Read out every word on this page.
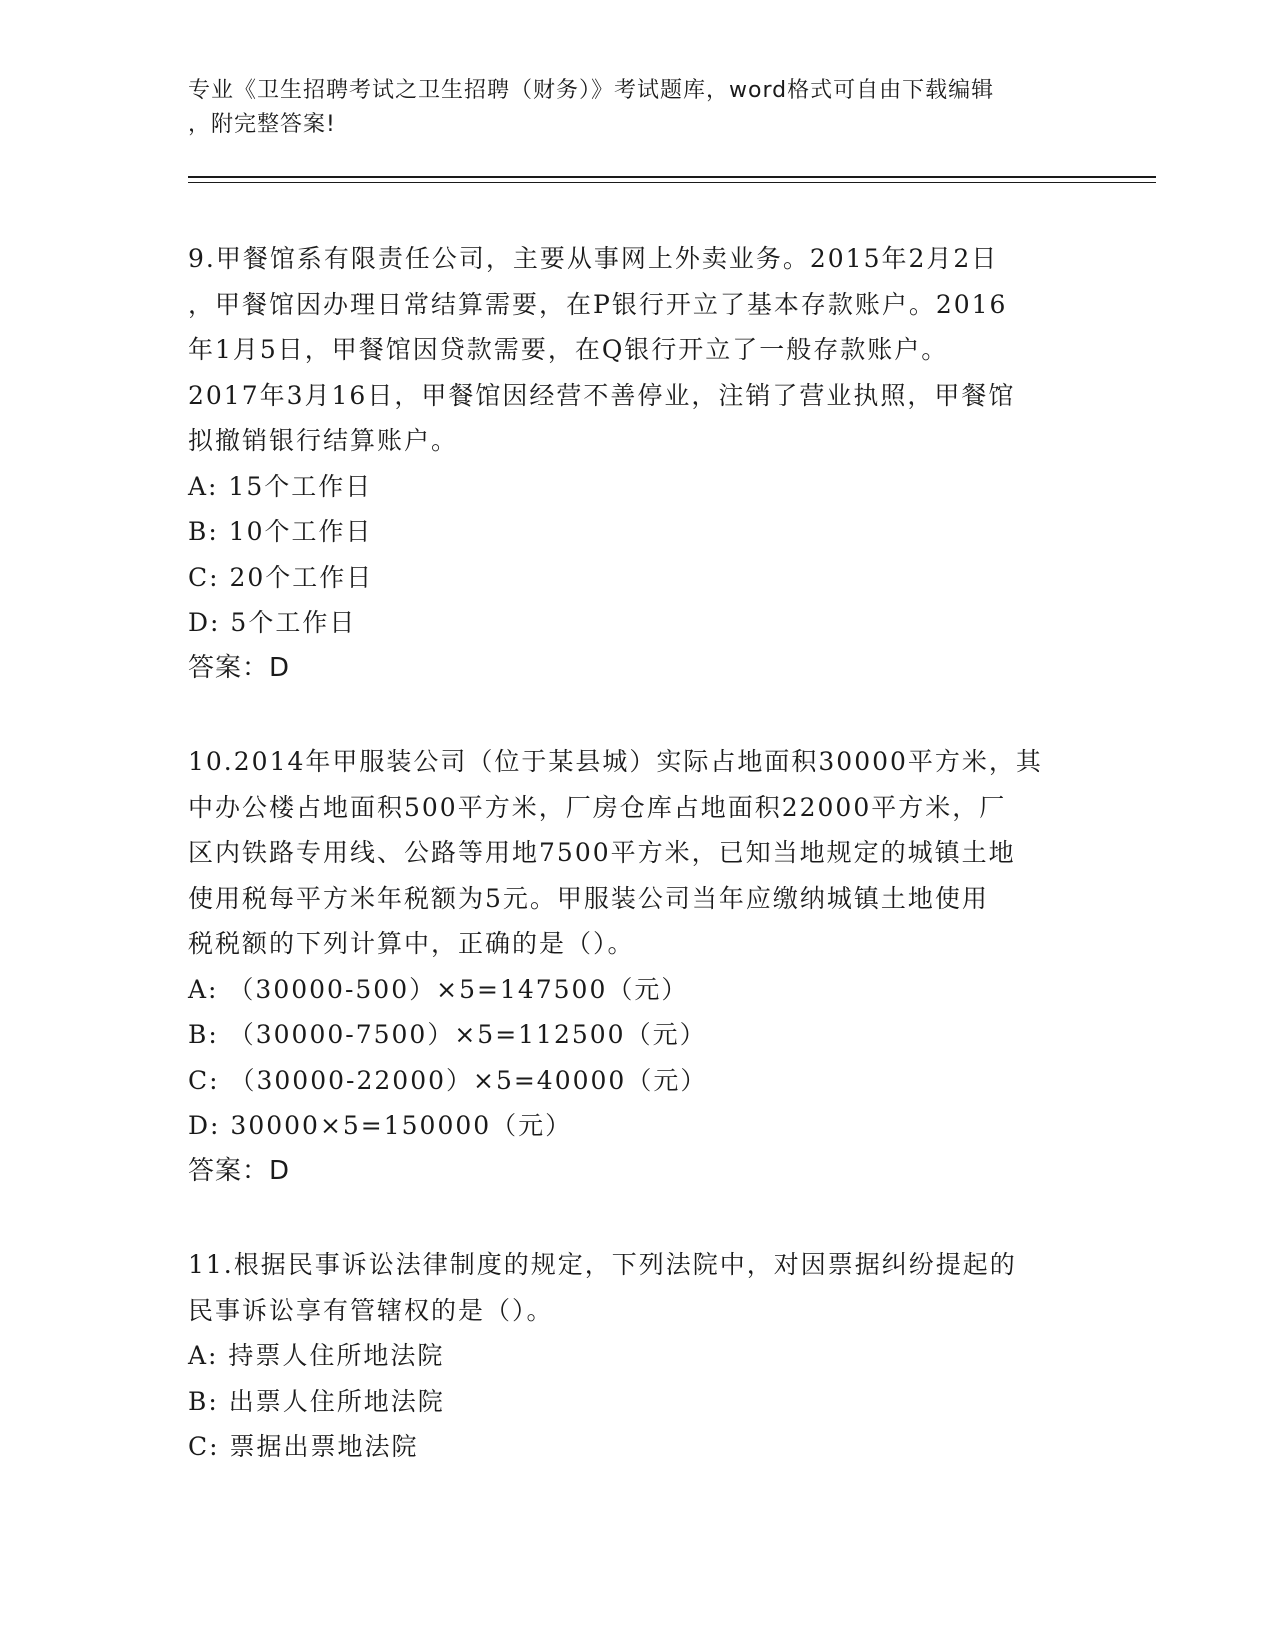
专业《卫生招聘考试之卫生招聘（财务）》考试题库，word格式可自由下载编辑
，附完整答案!
9.甲餐馆系有限责任公司，主要从事网上外卖业务。2015年2月2日
，甲餐馆因办理日常结算需要，在P银行开立了基本存款账户。2016
年1月5日，甲餐馆因贷款需要，在Q银行开立了一般存款账户。
2017年3月16日，甲餐馆因经营不善停业，注销了营业执照，甲餐馆
拟撤销银行结算账户。
A: 15个工作日
B: 10个工作日
C: 20个工作日
D: 5个工作日
答案：D
10.2014年甲服装公司（位于某县城）实际占地面积30000平方米，其
中办公楼占地面积500平方米，厂房仓库占地面积22000平方米，厂
区内铁路专用线、公路等用地7500平方米，已知当地规定的城镇土地
使用税每平方米年税额为5元。甲服装公司当年应缴纳城镇土地使用
税税额的下列计算中，正确的是（）。
A: （30000-500）×5=147500（元）
B: （30000-7500）×5=112500（元）
C: （30000-22000）×5=40000（元）
D: 30000×5=150000（元）
答案：D
11.根据民事诉讼法律制度的规定，下列法院中，对因票据纠纷提起的
民事诉讼享有管辖权的是（）。
A: 持票人住所地法院
B: 出票人住所地法院
C: 票据出票地法院
